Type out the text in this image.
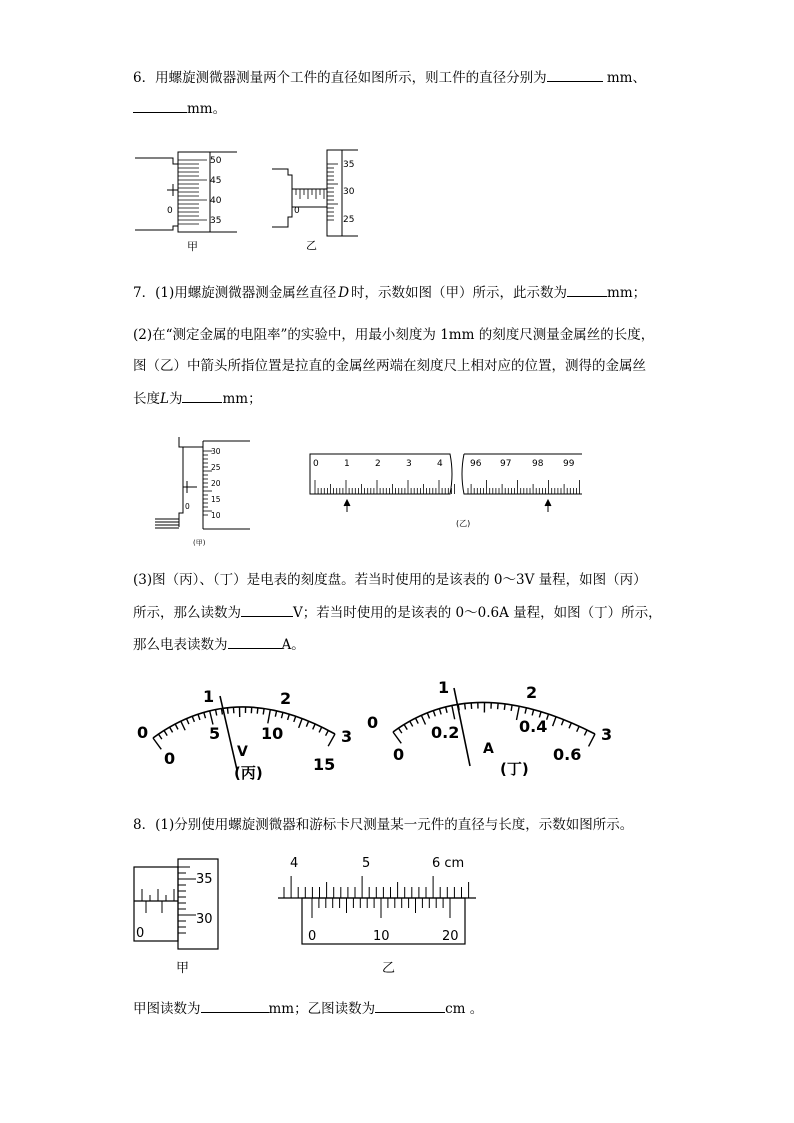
6．用螺旋测微器测量两个工件的直径如图所示，则工件的直径分别为	mm、
mm。
50
45
40
35
0
甲
35
30
25
0
乙
7．(1)用螺旋测微器测金属丝直径 D 时，示数如图（甲）所示，此示数为	mm；
(2)在“测定金属的电阻率”的实验中，用最小刻度为 1mm 的刻度尺测量金属丝的长度，
图（乙）中箭头所指位置是拉直的金属丝两端在刻度尺上相对应的位置，测得的金属丝
长度L为	mm；
30
25
20
15
10
0
(甲)
0	1	2	3	4	96 97 98 99
(乙)
(3)图（丙）、（丁）是电表的刻度盘。若当时使用的是该表的 0～3V 量程，如图（丙）
所示，那么读数为	V；若当时使用的是该表的 0～0.6A 量程，如图（丁）所示，
那么电表读数为	A。
0
1	2
3
0
5	10
15
V
(丙)
0
1	2
3
0
0.2	0.4
0.6
A
(丁)
8．(1)分别使用螺旋测微器和游标卡尺测量某一元件的直径与长度，示数如图所示。
35
30
0
甲
4	5	6 cm
0	10	20
乙
甲图读数为	mm；乙图读数为	cm 。
